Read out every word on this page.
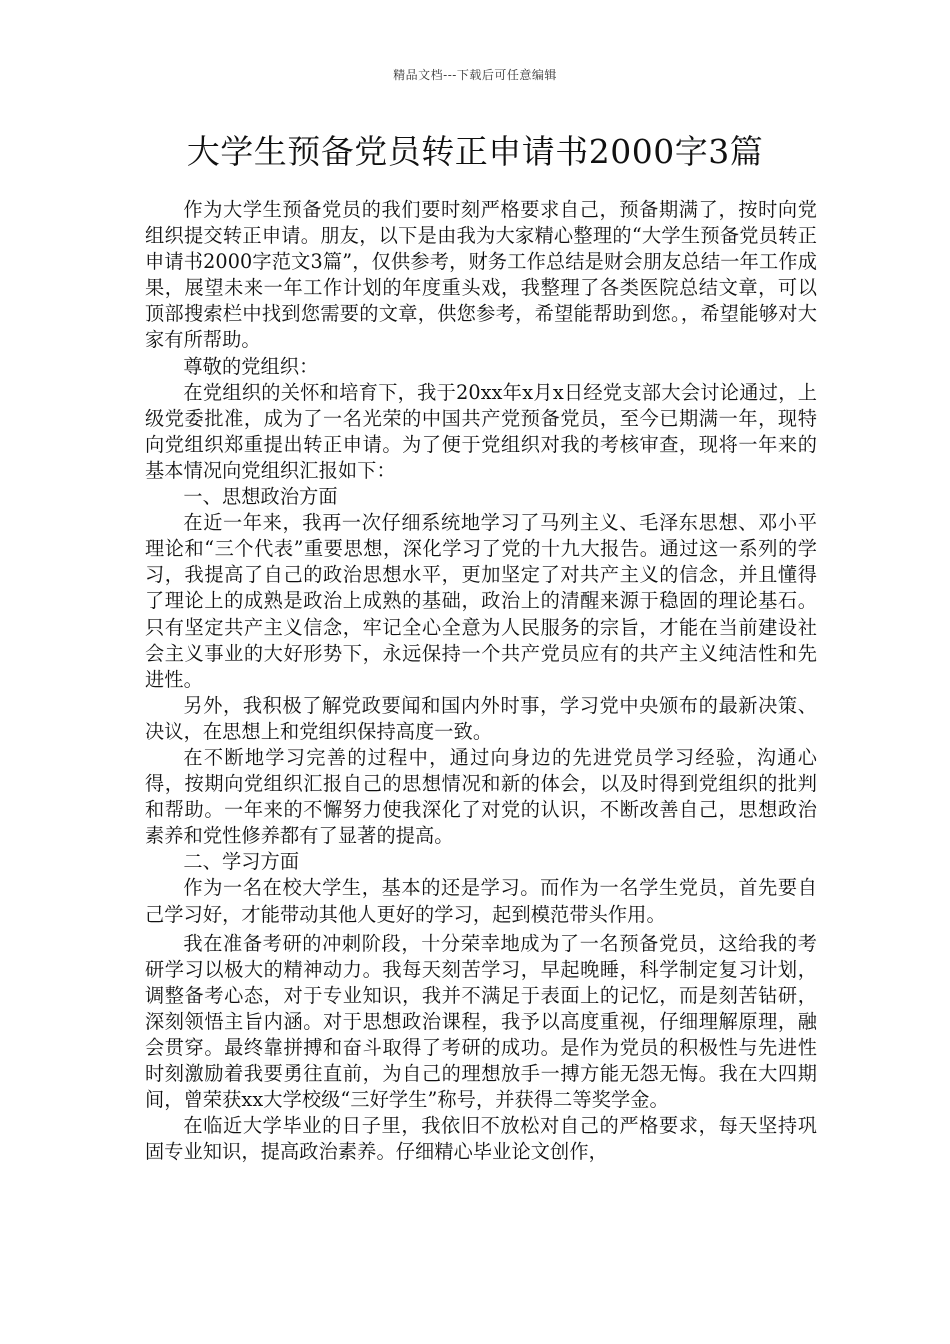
精品文档---下载后可任意编辑
大学生预备党员转正申请书2000字3篇

作为大学生预备党员的我们要时刻严格要求自己，预备期满了，按时向党组织提交转正申请。朋友，以下是由我为大家精心整理的“大学生预备党员转正申请书2000字范文3篇”，仅供参考，财务工作总结是财会朋友总结一年工作成果，展望未来一年工作计划的年度重头戏，我整理了各类医院总结文章，可以顶部搜索栏中找到您需要的文章，供您参考，希望能帮助到您。，希望能够对大家有所帮助。

尊敬的党组织：

在党组织的关怀和培育下，我于20xx年x月x日经党支部大会讨论通过，上级党委批准，成为了一名光荣的中国共产党预备党员，至今已期满一年，现特向党组织郑重提出转正申请。为了便于党组织对我的考核审查，现将一年来的基本情况向党组织汇报如下：

一、思想政治方面

在近一年来，我再一次仔细系统地学习了马列主义、毛泽东思想、邓小平理论和“三个代表”重要思想，深化学习了党的十九大报告。通过这一系列的学习，我提高了自己的政治思想水平，更加坚定了对共产主义的信念，并且懂得了理论上的成熟是政治上成熟的基础，政治上的清醒来源于稳固的理论基石。只有坚定共产主义信念，牢记全心全意为人民服务的宗旨，才能在当前建设社会主义事业的大好形势下，永远保持一个共产党员应有的共产主义纯洁性和先进性。

另外，我积极了解党政要闻和国内外时事，学习党中央颁布的最新决策、决议，在思想上和党组织保持高度一致。

在不断地学习完善的过程中，通过向身边的先进党员学习经验，沟通心得，按期向党组织汇报自己的思想情况和新的体会，以及时得到党组织的批判和帮助。一年来的不懈努力使我深化了对党的认识，不断改善自己，思想政治素养和党性修养都有了显著的提高。

二、学习方面

作为一名在校大学生，基本的还是学习。而作为一名学生党员，首先要自己学习好，才能带动其他人更好的学习，起到模范带头作用。

我在准备考研的冲刺阶段，十分荣幸地成为了一名预备党员，这给我的考研学习以极大的精神动力。我每天刻苦学习，早起晚睡，科学制定复习计划，调整备考心态，对于专业知识，我并不满足于表面上的记忆，而是刻苦钻研，深刻领悟主旨内涵。对于思想政治课程，我予以高度重视，仔细理解原理，融会贯穿。最终靠拼搏和奋斗取得了考研的成功。是作为党员的积极性与先进性时刻激励着我要勇往直前，为自己的理想放手一搏方能无怨无悔。我在大四期间，曾荣获xx大学校级“三好学生”称号，并获得二等奖学金。

在临近大学毕业的日子里，我依旧不放松对自己的严格要求，每天坚持巩固专业知识，提高政治素养。仔细精心毕业论文创作，
